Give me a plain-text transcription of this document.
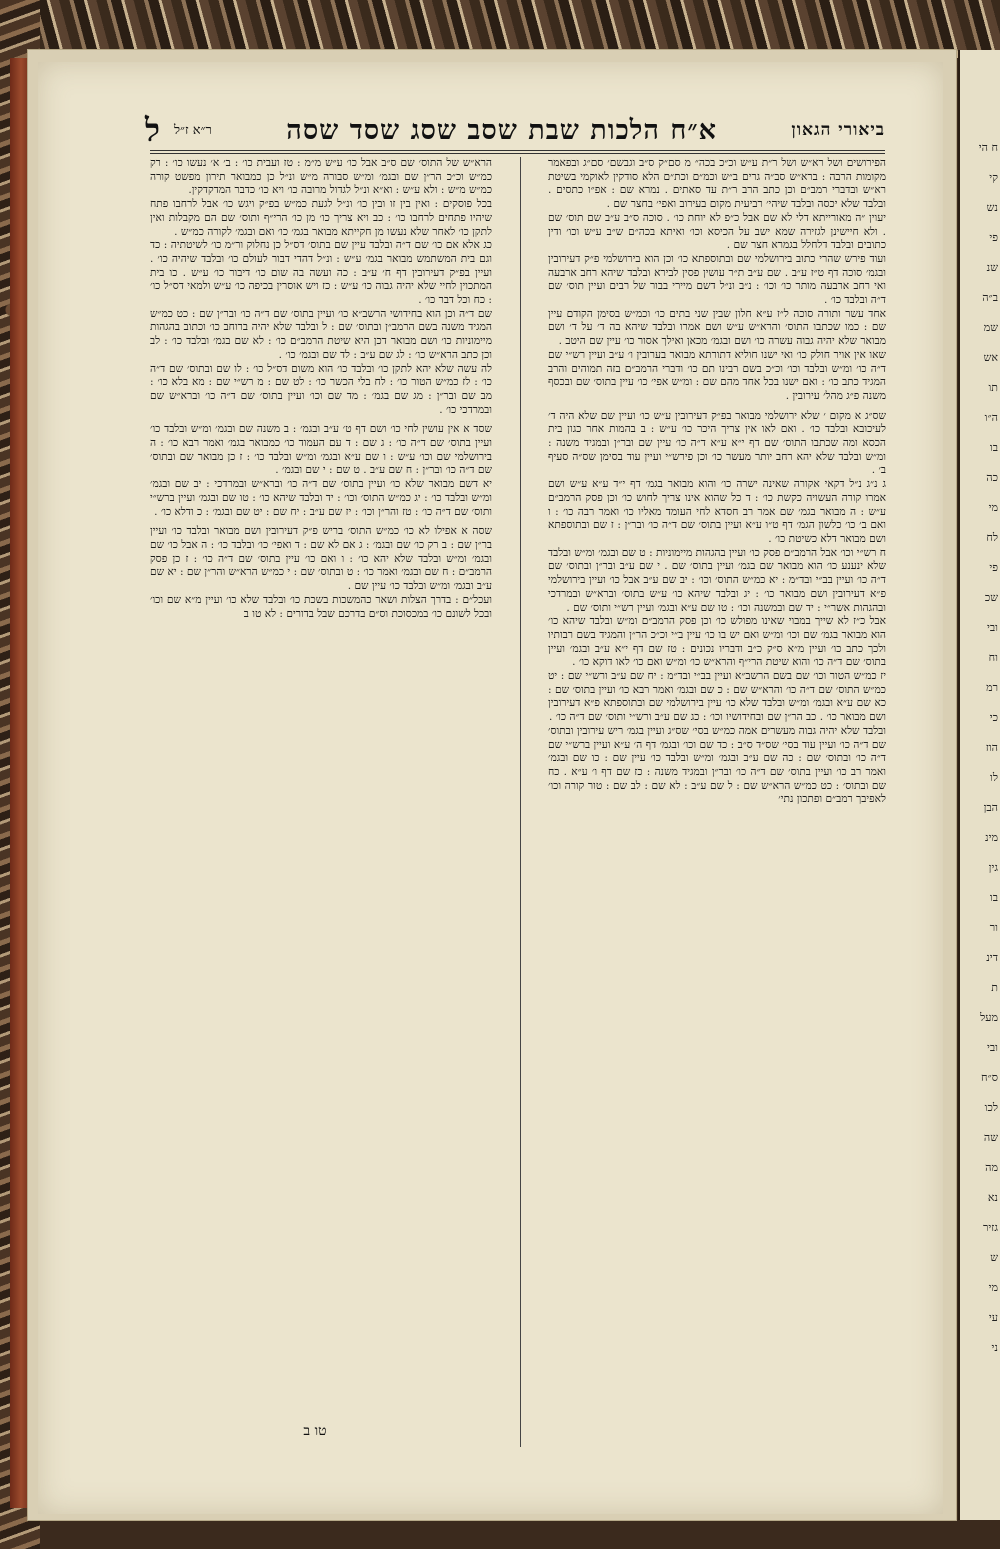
ח הי
קי
נש
פי
שנ
ב״ה
שמ
אש
תו
ה״ו
בו
כה
מי
לח
פי
שכ
ובי
וח
רמ
כי
הוז
לו
הבן
מינ
גין
בו
ור
דינ
ת
מעל
ובי
ס״ח
לכו
שה
מה
נא
גזיר
ש
מי
עי
ני
ביאורי הגאון
א״ח הלכות שבת שסב שסג שסד שסה
ר״א ז״ל
ל

הפירושים ושל רא״ש ושל ר״ת ע״ש וכ״כ בכה״ מ סם״ק ס״ב וגבשם׳ סם״ג ובפאמר מקומות הרבה : ברא״ש סב״ה גרים ב״ש וכמ״ם וכת״ם הלא סודקין לאוקמי בשיטת רא״ש ובדברי רמב״ם וכן כתב הרב ר״ת עד סאתים . נמרא שם : אפ״ו כתסים . ובלבד שלא יכסה ובלבד שיהי׳ רביעית מקום בעירוב ואפי׳ בחצר שם .

יעוין ״ה מאורייתא דלי לא שם אבל כ״פ לא יוחת כו׳ . סוכה ס״ב ע״ב שם תוס׳ שם . ולא חיישינן לגזירה שמא ישב על הכיסא וכו׳ ואיתא בכה״ם ש״ב ע״ש וכו׳ ודין כתובים ובלבד דלחלל בגמרא חצר שם .

ועוד פירש שהרי כתוב בירושלמי שם ובתוספתא כו׳ וכן הוא בירושלמי פ״ק דעירובין ובגמ׳ סוכה דף ט״ז ע״ב . שם ע״ב ת״ר עושין פסין לבירא ובלבד שיהא רחב ארבעה ואי רחב ארבעה מותר כו׳ וכו׳ : נ״ב ונ״ל דשם מיירי בבור של רבים ועיין תוס׳ שם ד״ה ובלבד כו׳ .

אחד עשר ותורה סוכה ל״ז ע״א חלון שבין שני בתים כו׳ וכמ״ש בסימן הקודם עיין שם : כמו שכתבו התוס׳ והרא״ש ע״ש ושם אמרו ובלבד שיהא בה ד׳ על ד׳ ושם מבואר שלא יהיה גבוה עשרה כו׳ ושם ובגמ׳ מכאן ואילך אסור כו׳ עיין שם היטב .

שאו אין אויר חולק כו׳ ואי ישנו חוליא דתורתא מבואר בערובין ו׳ ע״ב ועיין רש״י שם ד״ה כו׳ ומ״ש ובלבד וכו׳ וכ״כ בשם רבינו תם כו׳ ודברי הרמב״ם בזה תמוהים והרב המגיד כתב כו׳ : ואם ישנו בכל אחד מהם שם : ומ״ש אפי׳ כו׳ עיין בתוס׳ שם ובכסף משנה פ״ג מהל׳ עירובין .

שס״ג א מקום ׳ שלא ירושלמי מבואר בפ״ק דעירובין ע״ש כו׳ ועיין שם שלא היה ד׳ לעיכובא ובלבד כו׳ . ואם לאו אין צריך היכר כו׳ ע״ש : ב בהמות אחר כגון בית הכסא ומה שכתבו התוס׳ שם דף י״א ע״א ד״ה כו׳ עיין שם ובר״ן ובמגיד משנה : ומ״ש ובלבד שלא יהא רחב יותר מעשר כו׳ וכן פירש״י ועיין עוד בסימן שס״ה סעיף ב׳ .

ג נ״ג נ״ל דקאי אקורה שאינה ישרה כו׳ והוא מבואר בגמ׳ דף י״ד ע״א ע״ש ושם אמרו קורה העשויה כקשת כו׳ : ד כל שהוא אינו צריך לחוש כו׳ וכן פסק הרמב״ם ע״ש : ה מבואר בגמ׳ שם אמר רב חסדא לחי העומד מאליו כו׳ ואמר רבה כו׳ : ו ואם ב׳ כו׳ כלשון הגמ׳ דף ט״ו ע״א ועיין בתוס׳ שם ד״ה כו׳ ובר״ן : ז שם ובתוספתא ושם מבואר דלא כשיטת כו׳ .

ח רש״י וכו׳ אבל הרמב״ם פסק כו׳ ועיין בהגהות מיימוניות : ט שם ובגמ׳ ומ״ש ובלבד שלא ינענע כו׳ הוא מבואר שם בגמ׳ ועיין בתוס׳ שם . י שם ע״ב ובר״ן ובתוס׳ שם ד״ה כו׳ ועיין בב״י ובד״מ : יא כמ״ש התוס׳ וכו׳ : יב שם ע״ב אבל כו׳ ועיין בירושלמי פ״א דעירובין ושם מבואר כו׳ : יג ובלבד שיהא כו׳ ע״ש בתוס׳ וברא״ש ובמרדכי ובהגהות אשר״י : יד שם ובמשנה וכו׳ : טו שם ע״א ובגמ׳ ועיין רש״י ותוס׳ שם .

אבל כ״ז לא שייך במבוי שאינו מפולש כו׳ וכן פסק הרמב״ם ומ״ש ובלבד שיהא כו׳ הוא מבואר בגמ׳ שם וכו׳ ומ״ש ואם יש בו כו׳ עיין ב״י וכ״כ הר״ן והמגיד בשם רבותיו ולכך כתב כו׳ ועיין מ״א ס״ק כ״ב ודבריו נכונים : טז שם דף י״א ע״ב ובגמ׳ ועיין בתוס׳ שם ד״ה כו׳ והוא שיטת הרי״ף והרא״ש כו׳ ומ״ש ואם כו׳ לאו דוקא כו׳ .

יז כמ״ש הטור וכו׳ שם בשם הרשב״א ועיין בב״י ובד״מ : יח שם ע״ב ורש״י שם : יט כמ״ש התוס׳ שם ד״ה כו׳ והרא״ש שם : כ שם ובגמ׳ ואמר רבא כו׳ ועיין בתוס׳ שם : כא שם ע״א ובגמ׳ ומ״ש ובלבד שלא כו׳ עיין בירושלמי שם ובתוספתא פ״א דעירובין ושם מבואר כו׳ . כב הר״ן שם ובחידושיו וכו׳ : כג שם ע״ב ורש״י ותוס׳ שם ד״ה כו׳ .

ובלבד שלא יהיה גבוה מעשרים אמה כמ״ש בסי׳ שס״ג ועיין בגמ׳ ריש עירובין ובתוס׳ שם ד״ה כו׳ ועיין עוד בסי׳ שס״ד ס״ב : כד שם וכו׳ ובגמ׳ דף ה׳ ע״א ועיין ברש״י שם ד״ה כו׳ ובתוס׳ שם : כה שם ע״ב ובגמ׳ ומ״ש ובלבד כו׳ עיין שם : כו שם ובגמ׳ ואמר רב כו׳ ועיין בתוס׳ שם ד״ה כו׳ ובר״ן ובמגיד משנה : כז שם דף ו׳ ע״א . כח שם ובתוס׳ : כט כמ״ש הרא״ש שם : ל שם ע״ב : לא שם : לב שם : טור קורה וכו׳ לאפיבך רמב״ם ופתכון נתי׳

הרא״ש של התוס׳ שם ס״ב אבל כו׳ ע״ש מ״מ : טז ועבית כו׳ : ב׳ א׳ נעשו כו׳ : רק כמ״ש וכ״כ הר״ן שם ובגמ׳ ומ״ש סבורה מ״ש ונ״ל כן כמבואר תירון מפשט קורה כמ״ש מ״ש : ולא ע״ש : וא״א ונ״ל לגדול מרובה כו׳ ויא כו׳ כדבר המדקדקין.

בכל פוסקים : ואין בין זו ובין כו׳ ונ״ל לגעת כמ״ש בפ״ק ויגש כו׳ אבל לרחבו פתח שיהיו פתחים לרחבו כו׳ : כב ויא צריך כו׳ מן כו׳ הרי״ף ותוס׳ שם הם מקבלות ואין לתקן כו׳ לאחר שלא נעשו מן חקייתא מבואר בגמ׳ כו׳ ואם ובגמ׳ לקורה כמ״ש .

כג אלא אם כו׳ שם ד״ה ובלבד עיין שם בתוס׳ דס״ל כן נחלוק ור״מ כו׳ לשיטתיה : כד וגם בית המשתמש מבואר בגמ׳ ע״ש : ונ״ל דהדי דבור לעולם כו׳ ובלבד שיהיה כו׳ . ועיין בפ״ק דעירובין דף ח׳ ע״ב : כה ועשה בה שום כו׳ דיבור כו׳ ע״ש . כו בית המתכוין לחיי שלא יהיה גבוה כו׳ ע״ש : כז ויש אוסרין בכיפה כו׳ ע״ש ולמאי דס״ל כו׳ : כח וכל דבר כו׳ .

שם ד״ה וכן הוא בחידושי הרשב״א כו׳ ועיין בתוס׳ שם ד״ה כו׳ ובר״ן שם : כט כמ״ש המגיד משנה בשם הרמב״ן ובתוס׳ שם : ל ובלבד שלא יהיה ברוחב כו׳ וכתוב בהגהות מיימוניות כו׳ ושם מבואר דכן היא שיטת הרמב״ם כו׳ : לא שם בגמ׳ ובלבד כו׳ : לב וכן כתב הרא״ש כו׳ : לג שם ע״ב : לד שם ובגמ׳ כו׳ .

לה עשה שלא יהא לתקן כו׳ ובלבד כו׳ הוא משום דס״ל כו׳ : לו שם ובתוס׳ שם ד״ה כו׳ : לז כמ״ש הטור כו׳ : לח בלי הכשר כו׳ : לט שם : מ רש״י שם : מא בלא כו׳ : מב שם ובר״ן : מג שם בגמ׳ : מד שם וכו׳ ועיין בתוס׳ שם ד״ה כו׳ וברא״ש שם ובמרדכי כו׳ .

שסד א אין עושין לחי כו׳ ושם דף ט׳ ע״ב ובגמ׳ : ב משנה שם ובגמ׳ ומ״ש ובלבד כו׳ ועיין בתוס׳ שם ד״ה כו׳ : ג שם : ד עם העמוד כו׳ כמבואר בגמ׳ ואמר רבא כו׳ : ה בירושלמי שם וכו׳ ע״ש : ו שם ע״א ובגמ׳ ומ״ש ובלבד כו׳ : ז כן מבואר שם ובתוס׳ שם ד״ה כו׳ ובר״ן : ח שם ע״ב . ט שם : י שם ובגמ׳ .

יא דשם מבואר שלא כו׳ ועיין בתוס׳ שם ד״ה כו׳ וברא״ש ובמרדכי : יב שם ובגמ׳ ומ״ש ובלבד כו׳ : יג כמ״ש התוס׳ וכו׳ : יד ובלבד שיהא כו׳ : טו שם ובגמ׳ ועיין ברש״י ותוס׳ שם ד״ה כו׳ : טז והר״ן וכו׳ : יז שם ע״ב : יח שם : יט שם ובגמ׳ : כ ודלא כו׳ .

שסה א אפילו לא כו׳ כמ״ש התוס׳ בריש פ״ק דעירובין ושם מבואר ובלבד כו׳ ועיין בר״ן שם : ב רק כו׳ שם ובגמ׳ : ג אם לא שם : ד ואפי׳ כו׳ ובלבד כו׳ : ה אבל כו׳ שם ובגמ׳ ומ״ש ובלבד שלא יהא כו׳ : ו ואם כו׳ עיין בתוס׳ שם ד״ה כו׳ : ז כן פסק הרמב״ם : ח שם ובגמ׳ ואמר כו׳ : ט ובתוס׳ שם : י כמ״ש הרא״ש והר״ן שם : יא שם ע״ב ובגמ׳ ומ״ש ובלבד כו׳ עיין שם .

ועכל״ם : בדרך הצלות ושאר כהמשכות בשכת כו׳ ובלבד שלא כו׳ ועיין מ״א שם וכו׳ ובכל לשונם כו׳ במכסוכת וס״ם בדרכם שבל בדורים : לא טו ב

טו ב
